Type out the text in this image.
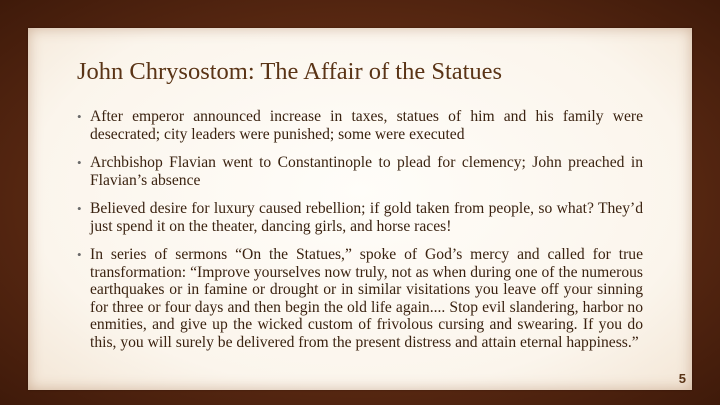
John Chrysostom: The Affair of the Statues
• After emperor announced increase in taxes, statues of him and his family were desecrated; city leaders were punished; some were executed
• Archbishop Flavian went to Constantinople to plead for clemency; John preached in Flavian’s absence
• Believed desire for luxury caused rebellion; if gold taken from people, so what? They’d just spend it on the theater, dancing girls, and horse races!
• In series of sermons “On the Statues,” spoke of God’s mercy and called for true transformation: “Improve yourselves now truly, not as when during one of the numerous earthquakes or in famine or drought or in similar visitations you leave off your sinning for three or four days and then begin the old life again.... Stop evil slandering, harbor no enmities, and give up the wicked custom of frivolous cursing and swearing. If you do this, you will surely be delivered from the present distress and attain eternal happiness.”
5
